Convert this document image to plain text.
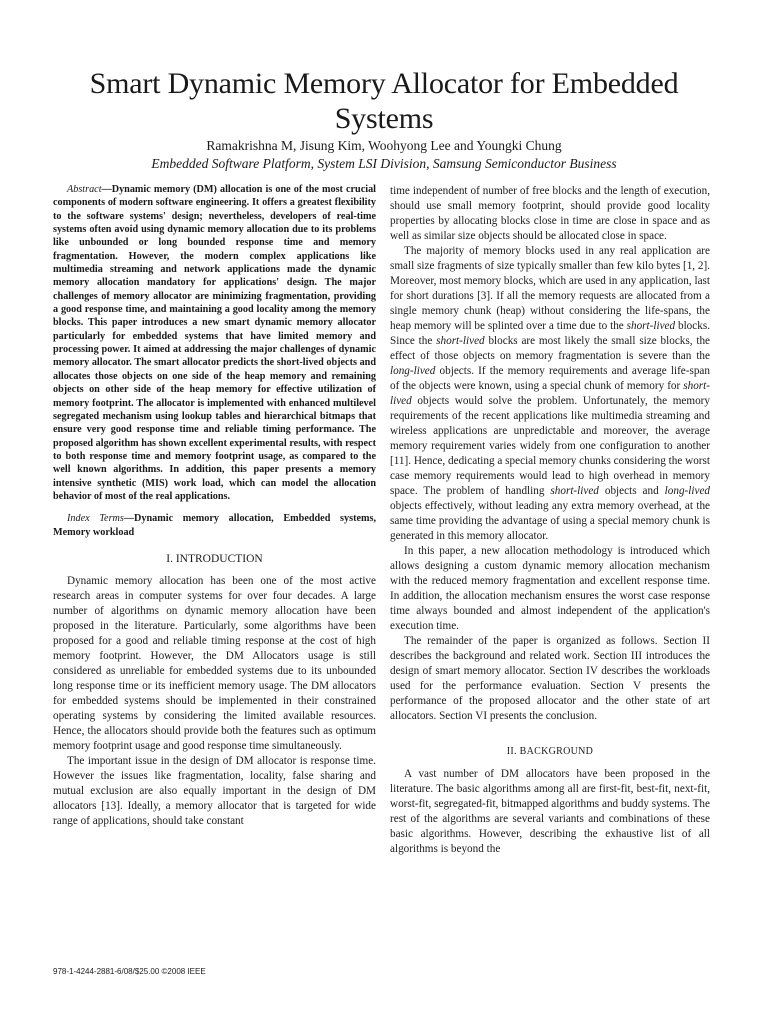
Smart Dynamic Memory Allocator for Embedded Systems
Ramakrishna M, Jisung Kim, Woohyong Lee and Youngki Chung
Embedded Software Platform, System LSI Division, Samsung Semiconductor Business

Abstract—Dynamic memory (DM) allocation is one of the most crucial components of modern software engineering. It offers a greatest flexibility to the software systems' design; nevertheless, developers of real-time systems often avoid using dynamic memory allocation due to its problems like unbounded or long bounded response time and memory fragmentation. However, the modern complex applications like multimedia streaming and network applications made the dynamic memory allocation mandatory for applications' design. The major challenges of memory allocator are minimizing fragmentation, providing a good response time, and maintaining a good locality among the memory blocks. This paper introduces a new smart dynamic memory allocator particularly for embedded systems that have limited memory and processing power. It aimed at addressing the major challenges of dynamic memory allocator. The smart allocator predicts the short-lived objects and allocates those objects on one side of the heap memory and remaining objects on other side of the heap memory for effective utilization of memory footprint. The allocator is implemented with enhanced multilevel segregated mechanism using lookup tables and hierarchical bitmaps that ensure very good response time and reliable timing performance. The proposed algorithm has shown excellent experimental results, with respect to both response time and memory footprint usage, as compared to the well known algorithms. In addition, this paper presents a memory intensive synthetic (MIS) work load, which can model the allocation behavior of most of the real applications.

Index Terms—Dynamic memory allocation, Embedded systems, Memory workload

I. INTRODUCTION

Dynamic memory allocation has been one of the most active research areas in computer systems for over four decades. A large number of algorithms on dynamic memory allocation have been proposed in the literature. Particularly, some algorithms have been proposed for a good and reliable timing response at the cost of high memory footprint. However, the DM Allocators usage is still considered as unreliable for embedded systems due to its unbounded long response time or its inefficient memory usage. The DM allocators for embedded systems should be implemented in their constrained operating systems by considering the limited available resources. Hence, the allocators should provide both the features such as optimum memory footprint usage and good response time simultaneously.

The important issue in the design of DM allocator is response time. However the issues like fragmentation, locality, false sharing and mutual exclusion are also equally important in the design of DM allocators [13]. Ideally, a memory allocator that is targeted for wide range of applications, should take constant

time independent of number of free blocks and the length of execution, should use small memory footprint, should provide good locality properties by allocating blocks close in time are close in space and as well as similar size objects should be allocated close in space.

The majority of memory blocks used in any real application are small size fragments of size typically smaller than few kilo bytes [1, 2]. Moreover, most memory blocks, which are used in any application, last for short durations [3]. If all the memory requests are allocated from a single memory chunk (heap) without considering the life-spans, the heap memory will be splinted over a time due to the short-lived blocks. Since the short-lived blocks are most likely the small size blocks, the effect of those objects on memory fragmentation is severe than the long-lived objects. If the memory requirements and average life-span of the objects were known, using a special chunk of memory for short-lived objects would solve the problem. Unfortunately, the memory requirements of the recent applications like multimedia streaming and wireless applications are unpredictable and moreover, the average memory requirement varies widely from one configuration to another [11]. Hence, dedicating a special memory chunks considering the worst case memory requirements would lead to high overhead in memory space. The problem of handling short-lived objects and long-lived objects effectively, without leading any extra memory overhead, at the same time providing the advantage of using a special memory chunk is generated in this memory allocator.

In this paper, a new allocation methodology is introduced which allows designing a custom dynamic memory allocation mechanism with the reduced memory fragmentation and excellent response time. In addition, the allocation mechanism ensures the worst case response time always bounded and almost independent of the application's execution time.

The remainder of the paper is organized as follows. Section II describes the background and related work. Section III introduces the design of smart memory allocator. Section IV describes the workloads used for the performance evaluation. Section V presents the performance of the proposed allocator and the other state of art allocators. Section VI presents the conclusion.

II. BACKGROUND

A vast number of DM allocators have been proposed in the literature. The basic algorithms among all are first-fit, best-fit, next-fit, worst-fit, segregated-fit, bitmapped algorithms and buddy systems. The rest of the algorithms are several variants and combinations of these basic algorithms. However, describing the exhaustive list of all algorithms is beyond the

978-1-4244-2881-6/08/$25.00 ©2008 IEEE
